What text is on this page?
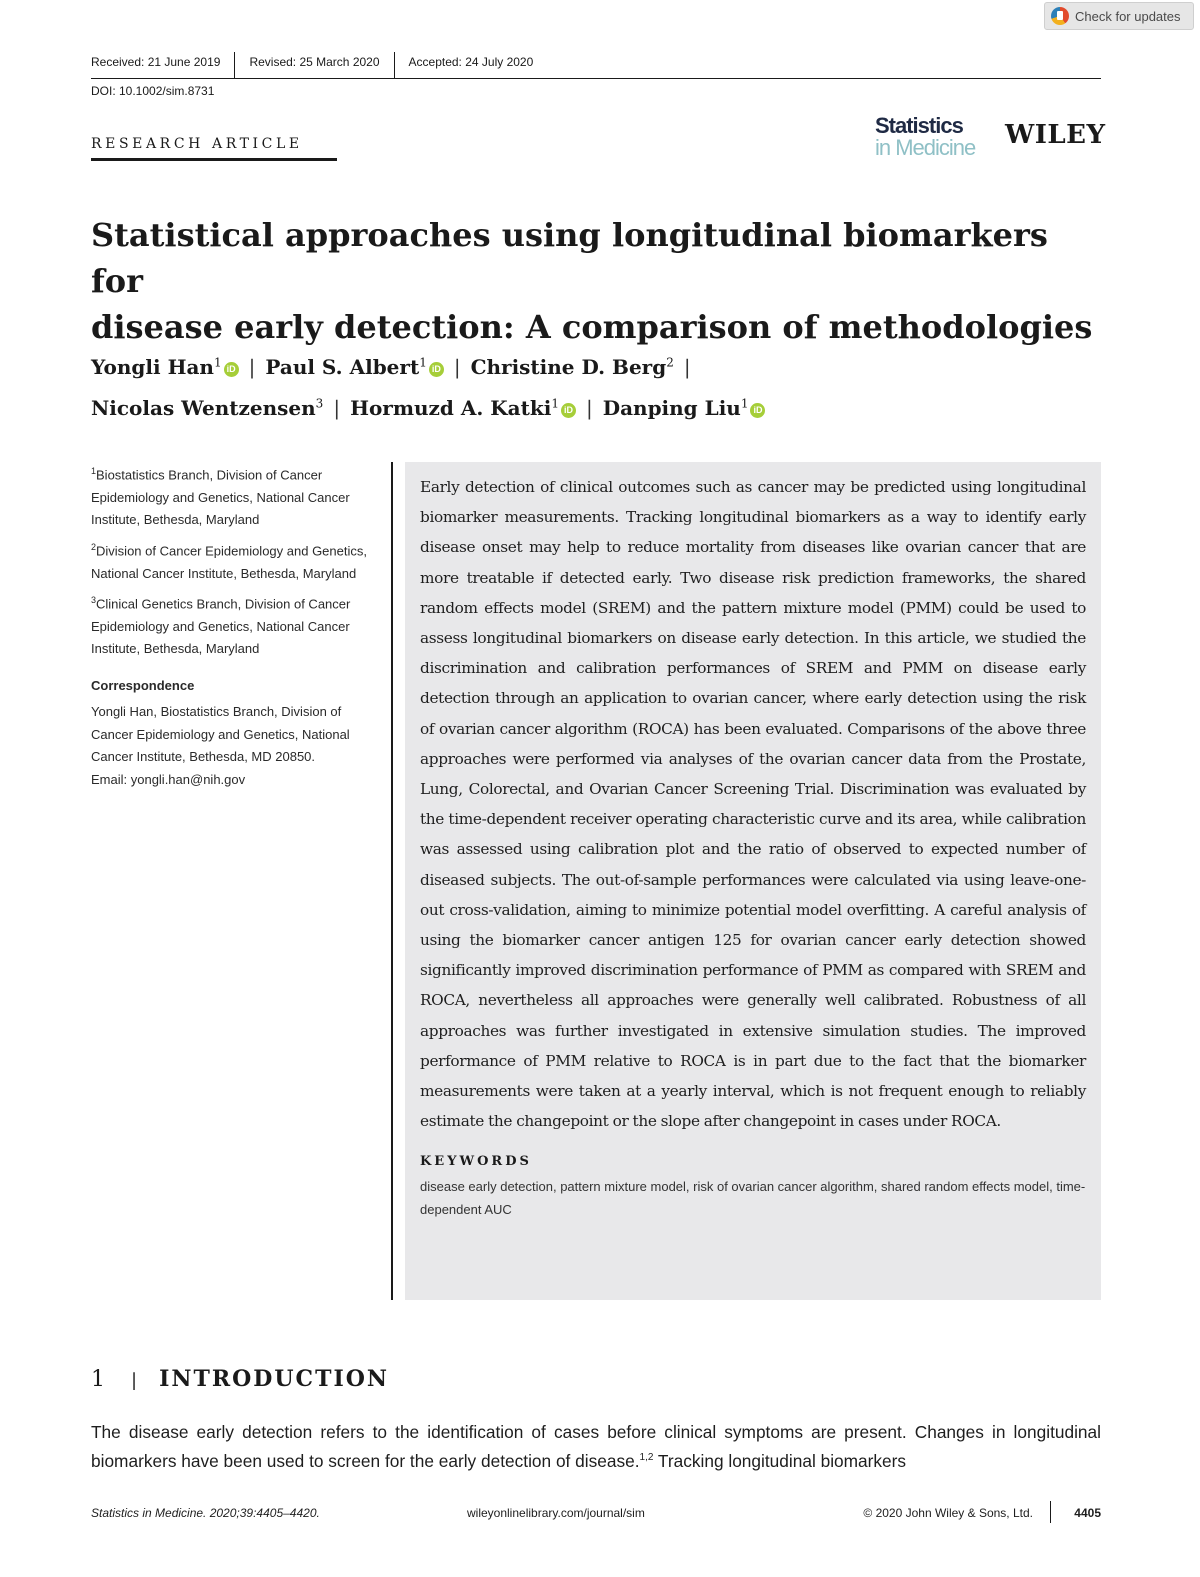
Check for updates
Received: 21 June 2019	Revised: 25 March 2020	Accepted: 24 July 2020
DOI: 10.1002/sim.8731
RESEARCH ARTICLE
Statistics
in Medicine WILEY
Statistical approaches using longitudinal biomarkers for
disease early detection: A comparison of methodologies
Yongli Han$^1$ iD | Paul S. Albert$^1$ iD | Christine D. Berg$^2$ |
Nicolas Wentzensen$^3$ | Hormuzd A. Katki$^1$ iD | Danping Liu$^1$ iD

$^1$Biostatistics Branch, Division of Cancer Epidemiology and Genetics, National Cancer Institute, Bethesda, Maryland

$^2$Division of Cancer Epidemiology and Genetics, National Cancer Institute, Bethesda, Maryland

$^3$Clinical Genetics Branch, Division of Cancer Epidemiology and Genetics, National Cancer Institute, Bethesda, Maryland

Correspondence

Yongli Han, Biostatistics Branch, Division of Cancer Epidemiology and Genetics, National Cancer Institute, Bethesda, MD 20850.

Email: yongli.han@nih.gov

Early detection of clinical outcomes such as cancer may be predicted using longitudinal biomarker measurements. Tracking longitudinal biomarkers as a way to identify early disease onset may help to reduce mortality from diseases like ovarian cancer that are more treatable if detected early. Two disease risk prediction frameworks, the shared random effects model (SREM) and the pattern mixture model (PMM) could be used to assess longitudinal biomarkers on disease early detection. In this article, we studied the discrimination and calibration performances of SREM and PMM on disease early detection through an application to ovarian cancer, where early detection using the risk of ovarian cancer algorithm (ROCA) has been evaluated. Comparisons of the above three approaches were performed via analyses of the ovarian cancer data from the Prostate, Lung, Colorectal, and Ovarian Cancer Screening Trial. Discrimination was evaluated by the time-dependent receiver operating characteristic curve and its area, while calibration was assessed using calibration plot and the ratio of observed to expected number of diseased subjects. The out-of-sample performances were calculated via using leave-one-out cross-validation, aiming to minimize potential model overfitting. A careful analysis of using the biomarker cancer antigen 125 for ovarian cancer early detection showed significantly improved discrimination performance of PMM as compared with SREM and ROCA, nevertheless all approaches were generally well calibrated. Robustness of all approaches was further investigated in extensive simulation studies. The improved performance of PMM relative to ROCA is in part due to the fact that the biomarker measurements were taken at a yearly interval, which is not frequent enough to reliably estimate the changepoint or the slope after changepoint in cases under ROCA.
KEYWORDS
disease early detection, pattern mixture model, risk of ovarian cancer algorithm, shared random effects model, time-dependent AUC
1 | INTRODUCTION
The disease early detection refers to the identification of cases before clinical symptoms are present. Changes in longitudinal biomarkers have been used to screen for the early detection of disease.$^{1,2}$ Tracking longitudinal biomarkers
Statistics in Medicine. 2020;39:4405–4420.	wileyonlinelibrary.com/journal/sim	© 2020 John Wiley & Sons, Ltd.	4405
